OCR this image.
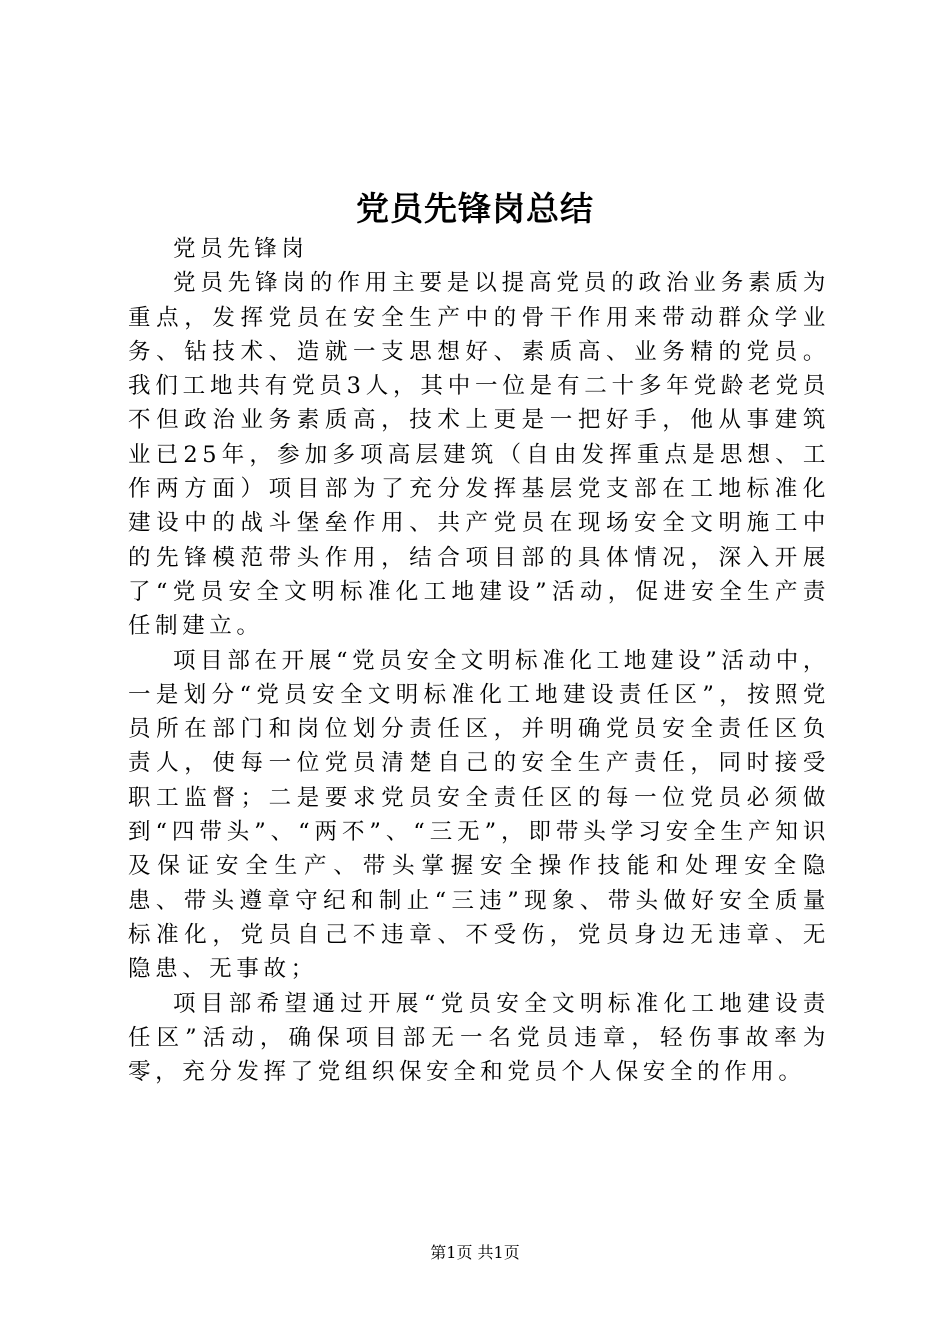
党员先锋岗总结

党员先锋岗

党员先锋岗的作用主要是以提高党员的政治业务素质为重点，发挥党员在安全生产中的骨干作用来带动群众学业务、钻技术、造就一支思想好、素质高、业务精的党员。我们工地共有党员3人，其中一位是有二十多年党龄老党员不但政治业务素质高，技术上更是一把好手，他从事建筑业已25年，参加多项高层建筑（自由发挥重点是思想、工作两方面）项目部为了充分发挥基层党支部在工地标准化建设中的战斗堡垒作用、共产党员在现场安全文明施工中的先锋模范带头作用，结合项目部的具体情况，深入开展了“党员安全文明标准化工地建设”活动，促进安全生产责任制建立。

项目部在开展“党员安全文明标准化工地建设”活动中，一是划分“党员安全文明标准化工地建设责任区”，按照党员所在部门和岗位划分责任区，并明确党员安全责任区负责人，使每一位党员清楚自己的安全生产责任，同时接受职工监督；二是要求党员安全责任区的每一位党员必须做到“四带头”、“两不”、“三无”，即带头学习安全生产知识及保证安全生产、带头掌握安全操作技能和处理安全隐患、带头遵章守纪和制止“三违”现象、带头做好安全质量标准化，党员自己不违章、不受伤，党员身边无违章、无隐患、无事故；

项目部希望通过开展“党员安全文明标准化工地建设责任区”活动，确保项目部无一名党员违章，轻伤事故率为零，充分发挥了党组织保安全和党员个人保安全的作用。

第1页 共1页
